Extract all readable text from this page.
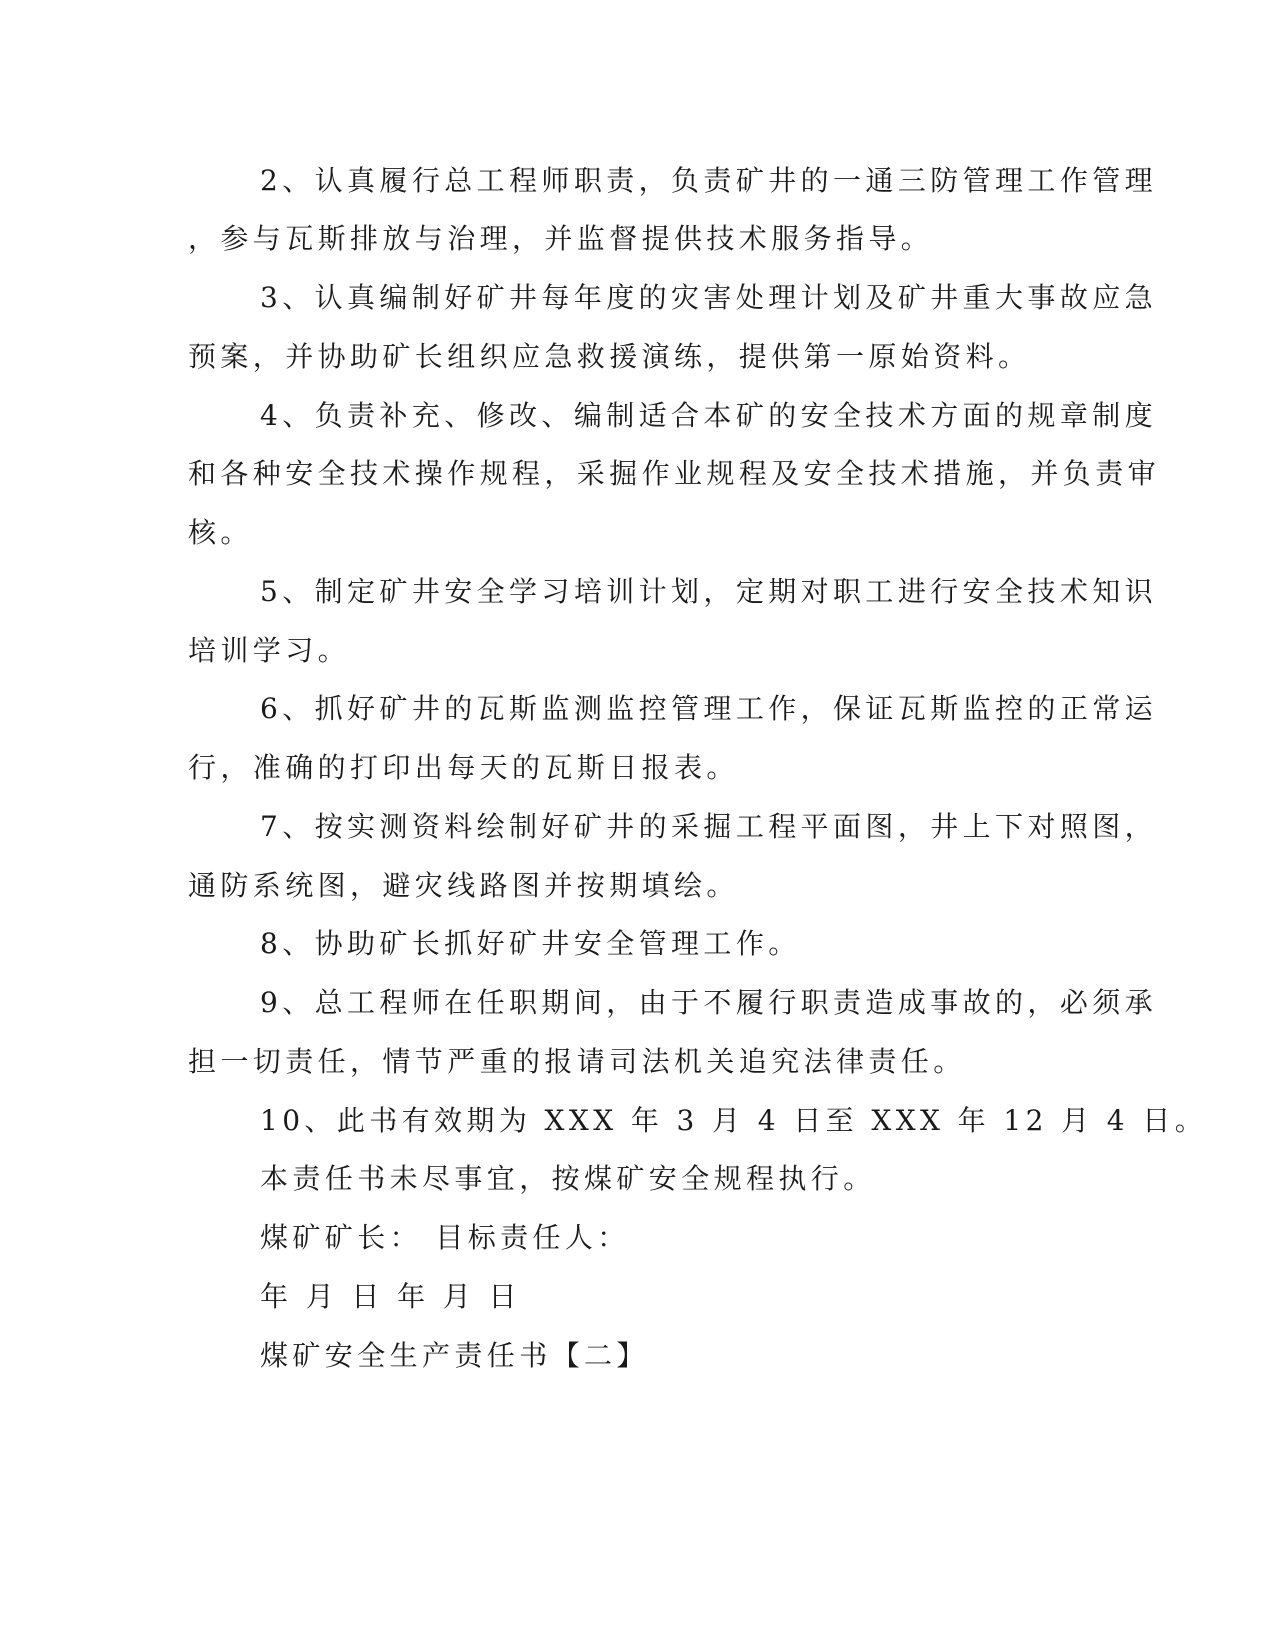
2、认真履行总工程师职责，负责矿井的一通三防管理工作管理
，参与瓦斯排放与治理，并监督提供技术服务指导。
3、认真编制好矿井每年度的灾害处理计划及矿井重大事故应急
预案，并协助矿长组织应急救援演练，提供第一原始资料。
4、负责补充、修改、编制适合本矿的安全技术方面的规章制度
和各种安全技术操作规程，采掘作业规程及安全技术措施，并负责审
核。
5、制定矿井安全学习培训计划，定期对职工进行安全技术知识
培训学习。
6、抓好矿井的瓦斯监测监控管理工作，保证瓦斯监控的正常运
行，准确的打印出每天的瓦斯日报表。
7、按实测资料绘制好矿井的采掘工程平面图，井上下对照图，
通防系统图，避灾线路图并按期填绘。
8、协助矿长抓好矿井安全管理工作。
9、总工程师在任职期间，由于不履行职责造成事故的，必须承
担一切责任，情节严重的报请司法机关追究法律责任。
10、此书有效期为 XXX 年 3 月 4 日至 XXX 年 12 月 4 日。
本责任书未尽事宜，按煤矿安全规程执行。
煤矿矿长： 目标责任人：
年 月 日 年 月 日
煤矿安全生产责任书【二】
